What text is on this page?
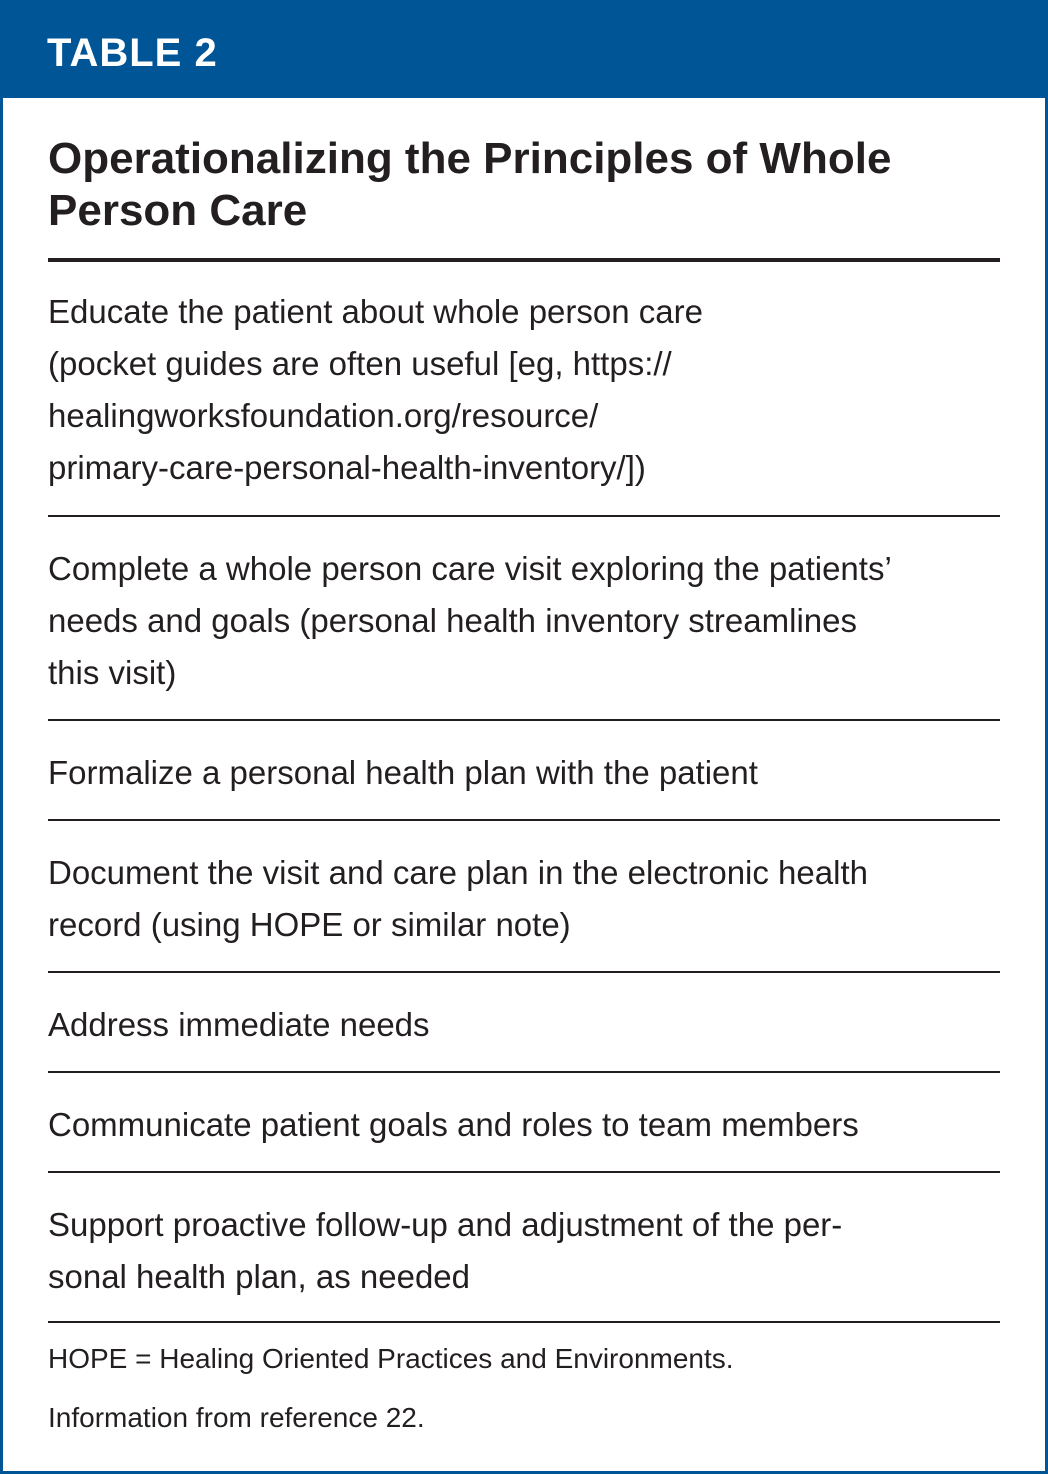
TABLE 2
Operationalizing the Principles of Whole
Person Care
Educate the patient about whole person care
(pocket guides are often useful [eg, https://
healingworksfoundation.org/resource/
primary-care-personal-health-inventory/])
Complete a whole person care visit exploring the patients’
needs and goals (personal health inventory streamlines
this visit)
Formalize a personal health plan with the patient
Document the visit and care plan in the electronic health
record (using HOPE or similar note)
Address immediate needs
Communicate patient goals and roles to team members
Support proactive follow-up and adjustment of the per-
sonal health plan, as needed
HOPE = Healing Oriented Practices and Environments.
Information from reference 22.
